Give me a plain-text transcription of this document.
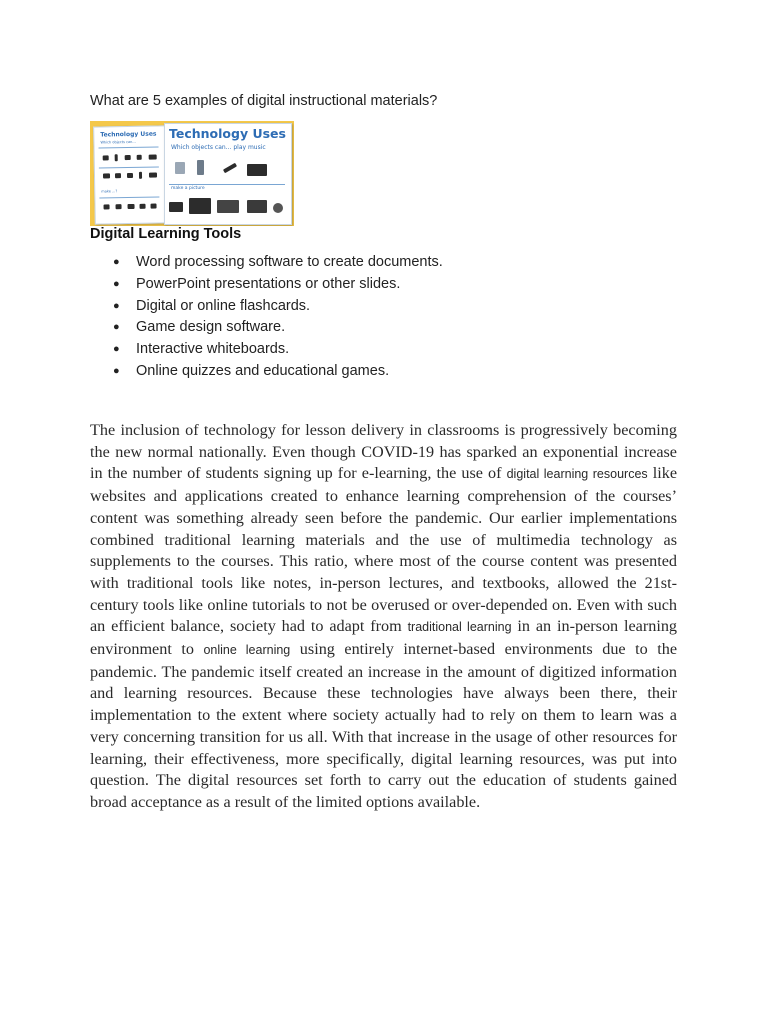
What are 5 examples of digital instructional materials?
Technology Uses
Which objects can...
make ...?
Technology Uses
Which objects can... play music
make a picture
Digital Learning Tools
● Word processing software to create documents.
● PowerPoint presentations or other slides.
● Digital or online flashcards.
● Game design software.
● Interactive whiteboards.
● Online quizzes and educational games.
The inclusion of technology for lesson delivery in classrooms is progressively becoming the new normal nationally. Even though COVID-19 has sparked an exponential increase in the number of students signing up for e-learning, the use of digital learning resources like websites and applications created to enhance learning comprehension of the courses’ content was something already seen before the pandemic. Our earlier implementations combined traditional learning materials and the use of multimedia technology as supplements to the courses. This ratio, where most of the course content was presented with traditional tools like notes, in-person lectures, and textbooks, allowed the 21st-century tools like online tutorials to not be overused or over-depended on. Even with such an efficient balance, society had to adapt from traditional learning in an in-person learning environment to online learning using entirely internet-based environments due to the pandemic. The pandemic itself created an increase in the amount of digitized information and learning resources. Because these technologies have always been there, their implementation to the extent where society actually had to rely on them to learn was a very concerning transition for us all. With that increase in the usage of other resources for learning, their effectiveness, more specifically, digital learning resources, was put into question. The digital resources set forth to carry out the education of students gained broad acceptance as a result of the limited options available.
